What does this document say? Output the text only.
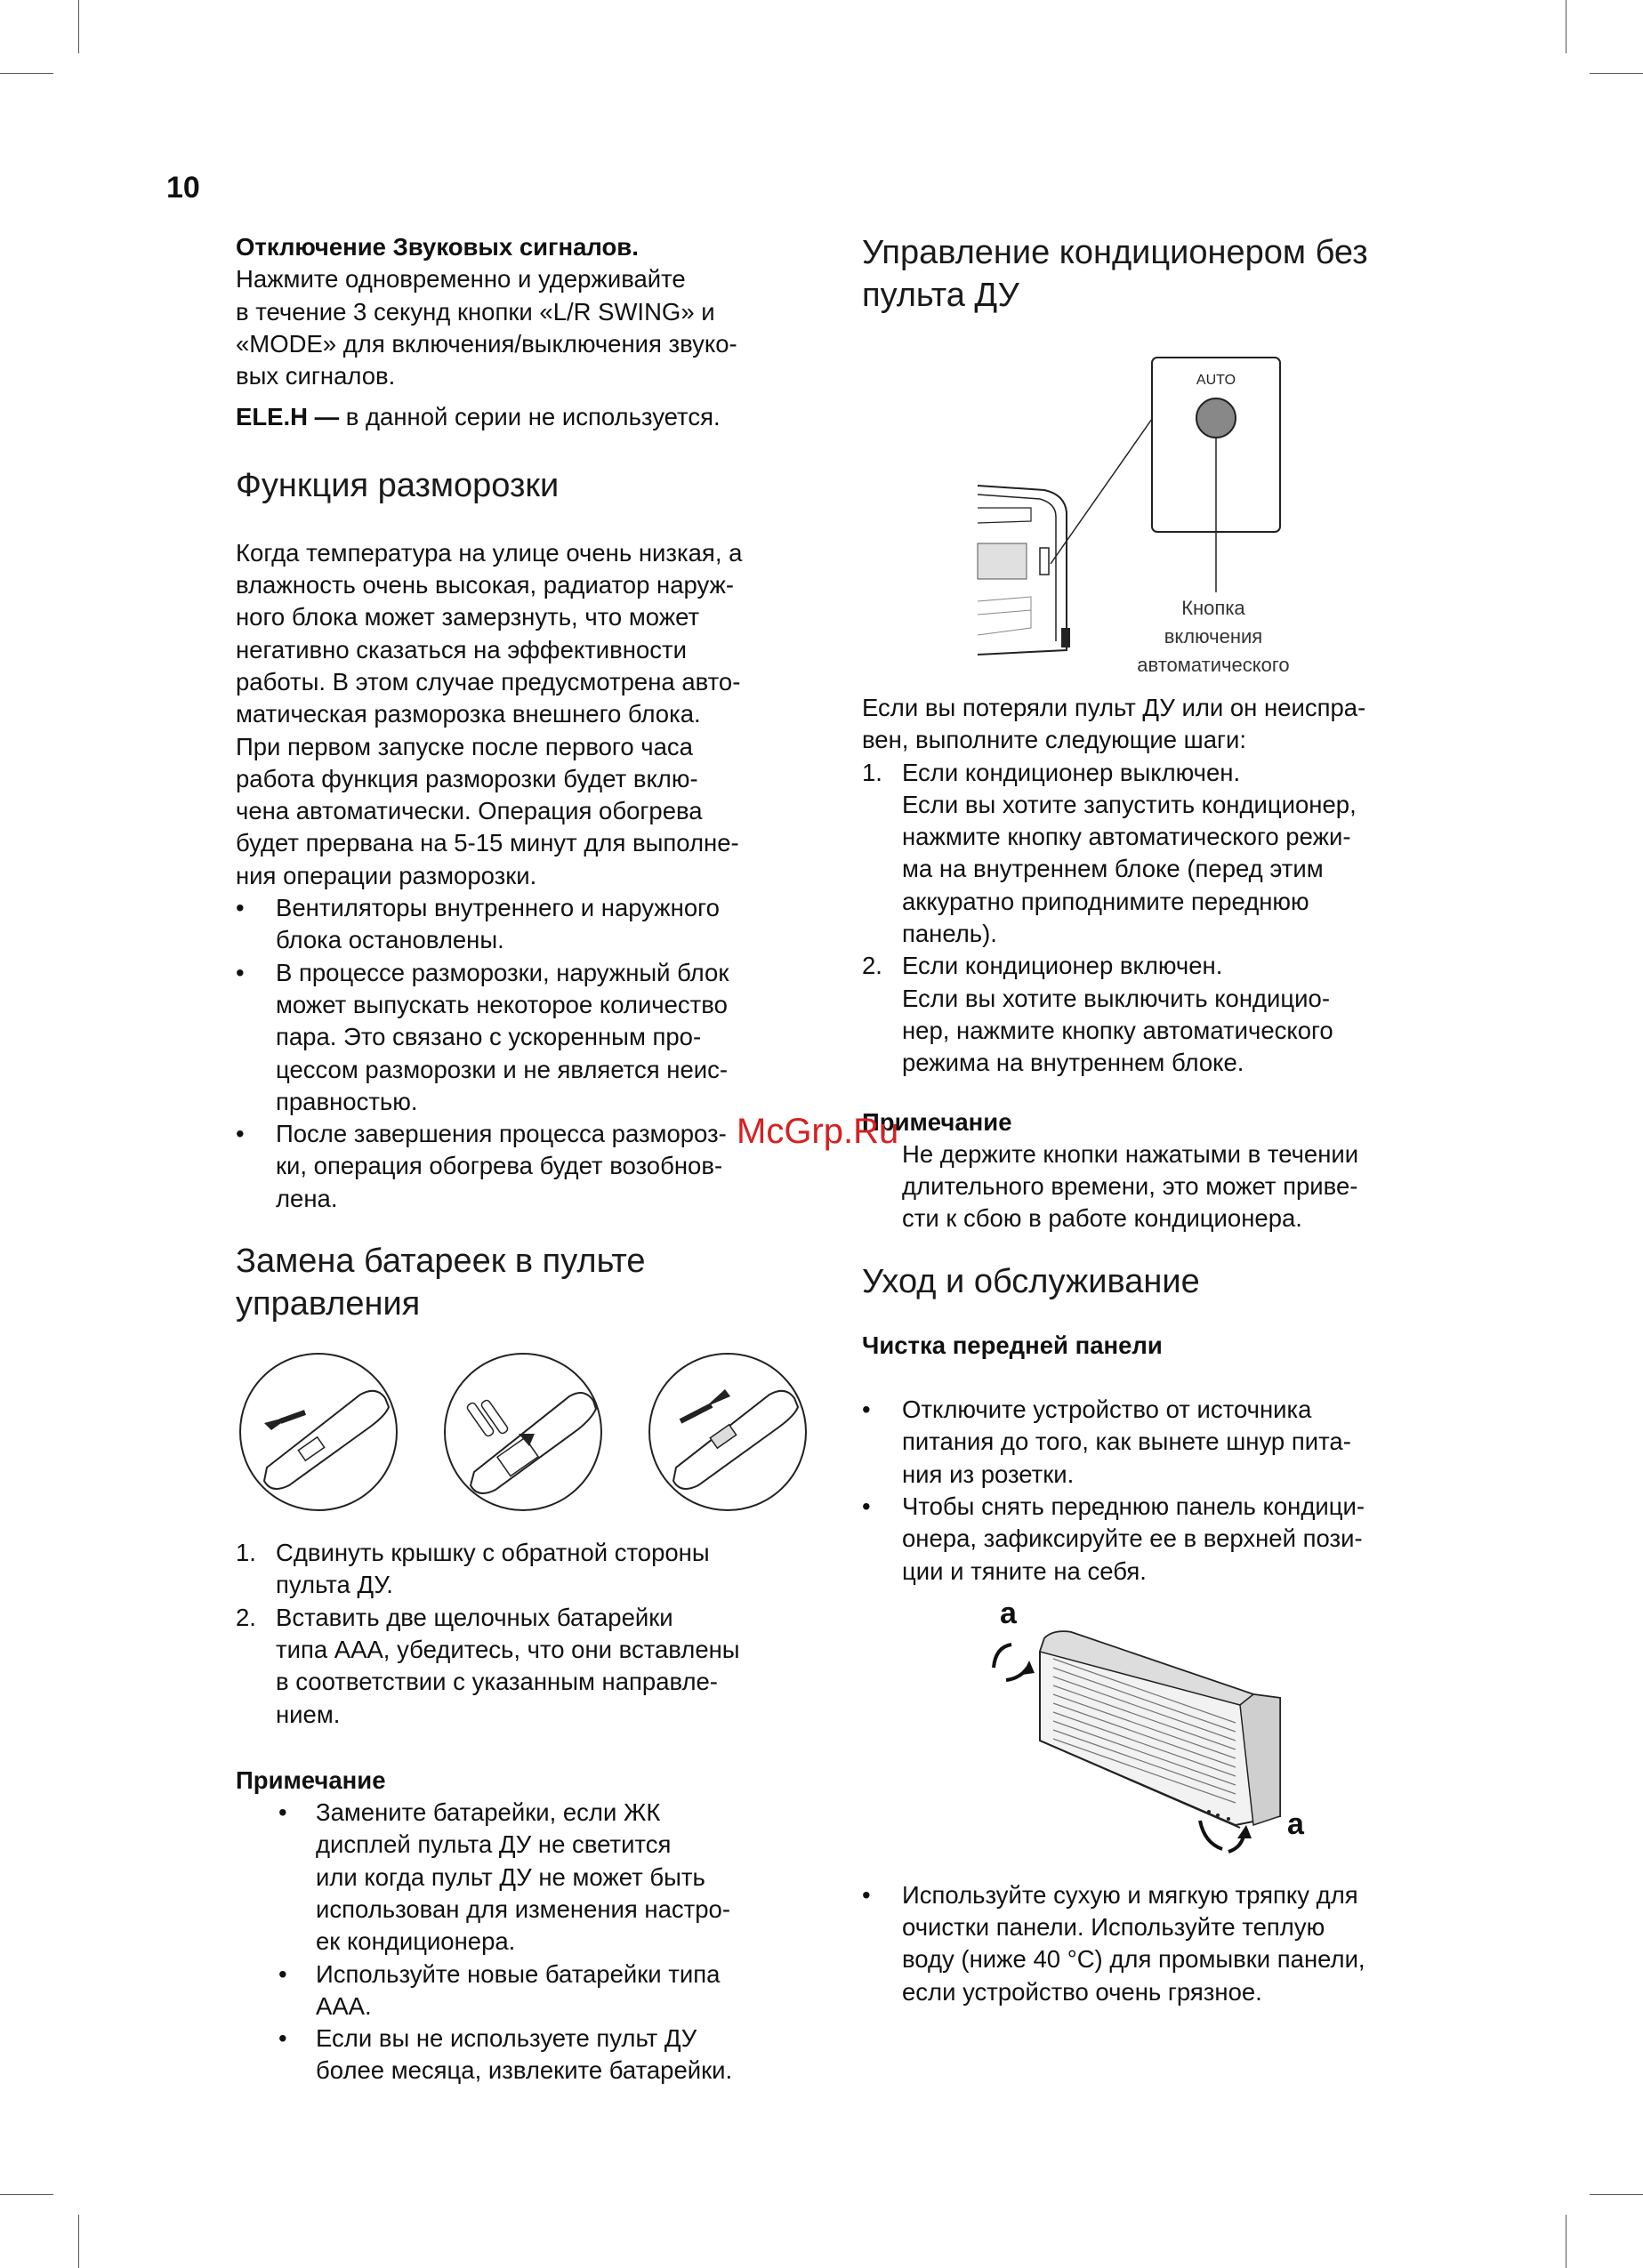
10

Отключение Звуковых сигналов.

Нажмите одновременно и удерживайте
в течение 3 секунд кнопки «L/R SWING» и
«MODE» для включения/выключения звуко-
вых сигналов.

ELE.H — в данной серии не используется.

Функция разморозки

Когда температура на улице очень низкая, а
влажность очень высокая, радиатор наруж-
ного блока может замерзнуть, что может
негативно сказаться на эффективности
работы. В этом случае предусмотрена авто-
матическая разморозка внешнего блока.
При первом запуске после первого часа
работа функция разморозки будет вклю-
чена автоматически. Операция обогрева
будет прервана на 5-15 минут для выполне-
ния операции разморозки.

• Вентиляторы внутреннего и наружного
блока остановлены.
• В процессе разморозки, наружный блок
может выпускать некоторое количество
пара. Это связано с ускоренным про-
цессом разморозки и не является неис-
правностью.
• После завершения процесса размороз-
ки, операция обогрева будет возобнов-
лена.
Замена батареек в пульте
управления
1. Сдвинуть крышку с обратной стороны
пульта ДУ.
2. Вставить две щелочных батарейки
типа ААА, убедитесь, что они вставлены
в соответствии с указанным направле-
нием.

Примечание

• Замените батарейки, если ЖК
дисплей пульта ДУ не светится
или когда пульт ДУ не может быть
использован для изменения настро-
ек кондиционера.
• Используйте новые батарейки типа
ААА.
• Если вы не используете пульт ДУ
более месяца, извлеките батарейки.
Управление кондиционером без
пульта ДУ
AUTO
Кнопка включения автоматического

Если вы потеряли пульт ДУ или он неиспра-
вен, выполните следующие шаги:

1. Если кондиционер выключен.
Если вы хотите запустить кондиционер,
нажмите кнопку автоматического режи-
ма на внутреннем блоке (перед этим
аккуратно приподнимите переднюю
панель).
2. Если кондиционер включен.
Если вы хотите выключить кондицио-
нер, нажмите кнопку автоматического
режима на внутреннем блоке.

Примечание

Не держите кнопки нажатыми в течении
длительного времени, это может приве-
сти к сбою в работе кондиционера.

Уход и обслуживание

Чистка передней панели

• Отключите устройство от источника
питания до того, как вынете шнур пита-
ния из розетки.
• Чтобы снять переднюю панель кондици-
онера, зафиксируйте ее в верхней пози-
ции и тяните на себя.
a
a
• Используйте сухую и мягкую тряпку для
очистки панели. Используйте теплую
воду (ниже 40 °C) для промывки панели,
если устройство очень грязное.
McGrp.Ru
